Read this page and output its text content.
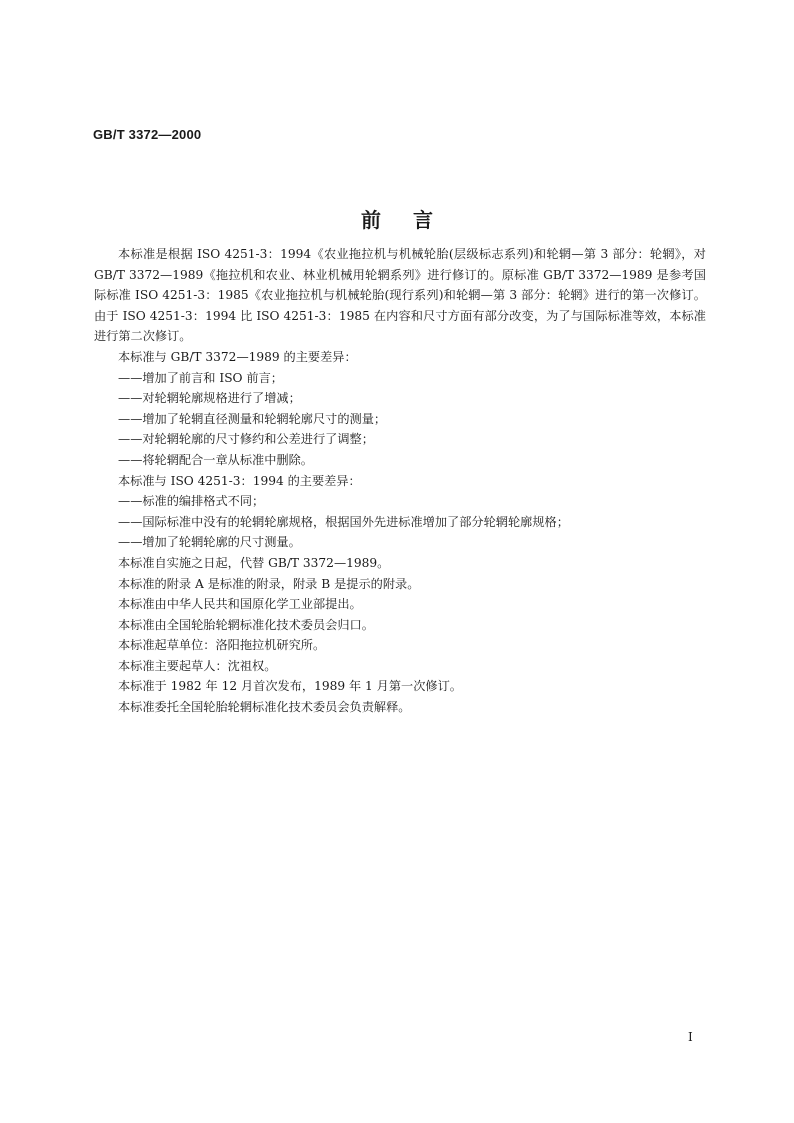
GB/T 3372—2000
前言

本标准是根据 ISO 4251-3：1994《农业拖拉机与机械轮胎(层级标志系列)和轮辋—第 3 部分：轮辋》，对 GB/T 3372—1989《拖拉机和农业、林业机械用轮辋系列》进行修订的。原标准 GB/T 3372—1989 是参考国际标准 ISO 4251-3：1985《农业拖拉机与机械轮胎(现行系列)和轮辋—第 3 部分：轮辋》进行的第一次修订。由于 ISO 4251-3：1994 比 ISO 4251-3：1985 在内容和尺寸方面有部分改变，为了与国际标准等效，本标准进行第二次修订。

本标准与 GB/T 3372—1989 的主要差异：

——增加了前言和 ISO 前言；

——对轮辋轮廓规格进行了增减；

——增加了轮辋直径测量和轮辋轮廓尺寸的测量；

——对轮辋轮廓的尺寸修约和公差进行了调整；

——将轮辋配合一章从标准中删除。

本标准与 ISO 4251-3：1994 的主要差异：

——标准的编排格式不同；

——国际标准中没有的轮辋轮廓规格，根据国外先进标准增加了部分轮辋轮廓规格；

——增加了轮辋轮廓的尺寸测量。

本标准自实施之日起，代替 GB/T 3372—1989。

本标准的附录 A 是标准的附录，附录 B 是提示的附录。

本标准由中华人民共和国原化学工业部提出。

本标准由全国轮胎轮辋标准化技术委员会归口。

本标准起草单位：洛阳拖拉机研究所。

本标准主要起草人：沈祖权。

本标准于 1982 年 12 月首次发布，1989 年 1 月第一次修订。

本标准委托全国轮胎轮辋标准化技术委员会负责解释。

I
